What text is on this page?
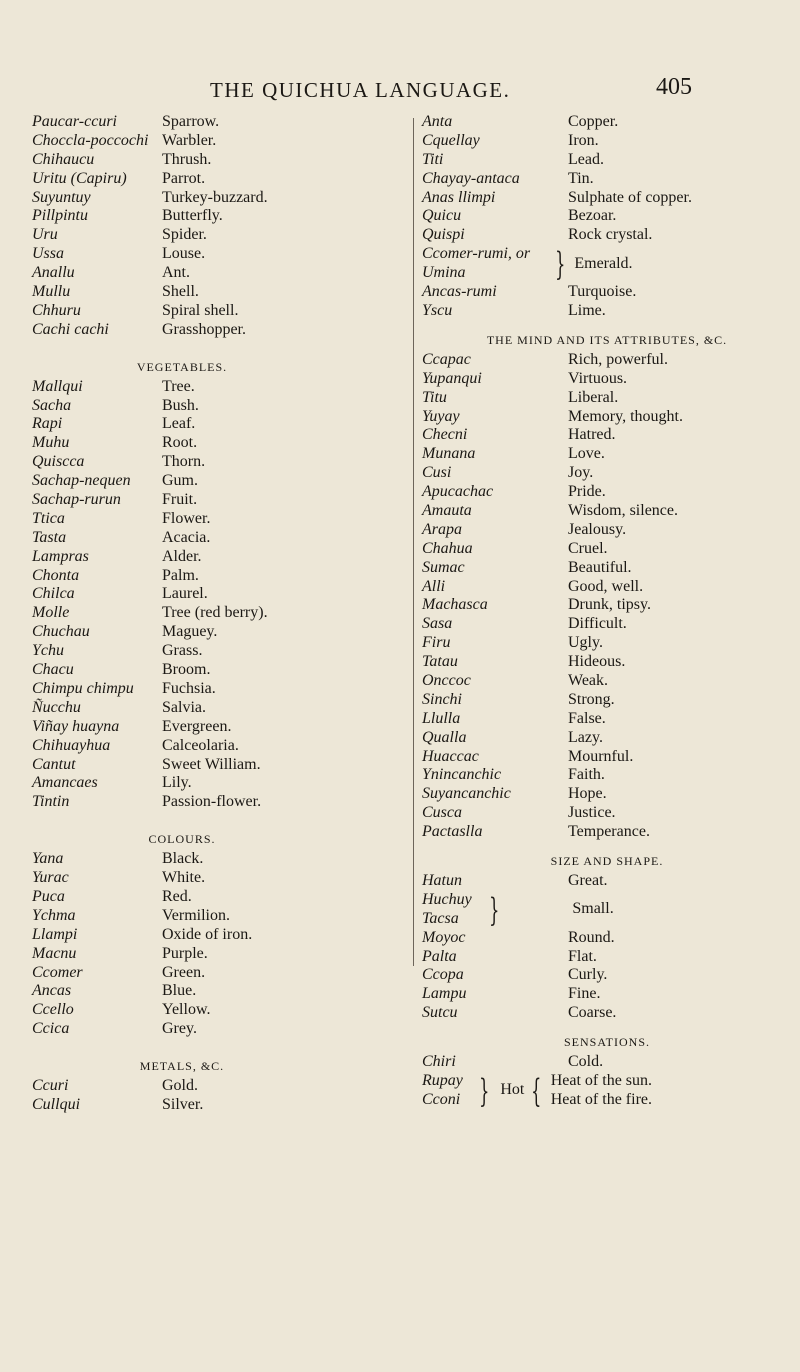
THE QUICHUA LANGUAGE.	405
Paucar-ccuri	Sparrow.
Choccla-poccochi Warbler.
Chihaucu	Thrush.
Uritu (Capiru)	Parrot.
Suyuntuy	Turkey-buzzard.
Pillpintu	Butterfly.
Uru	Spider.
Ussa	Louse.
Anallu	Ant.
Mullu	Shell.
Chhuru	Spiral shell.
Cachi cachi	Grasshopper.
VEGETABLES.
Mallqui	Tree.
Sacha	Bush.
Rapi	Leaf.
Muhu	Root.
Quiscca	Thorn.
Sachap-nequen	Gum.
Sachap-rurun	Fruit.
Ttica	Flower.
Tasta	Acacia.
Lampras	Alder.
Chonta	Palm.
Chilca	Laurel.
Molle	Tree (red berry).
Chuchau	Maguey.
Ychu	Grass.
Chacu	Broom.
Chimpu chimpu	Fuchsia.
Ñucchu	Salvia.
Viñay huayna	Evergreen.
Chihuayhua	Calceolaria.
Cantut	Sweet William.
Amancaes	Lily.
Tintin	Passion-flower.
COLOURS.
Yana	Black.
Yurac	White.
Puca	Red.
Ychma	Vermilion.
Llampi	Oxide of iron.
Macnu	Purple.
Ccomer	Green.
Ancas	Blue.
Ccello	Yellow.
Ccica	Grey.
METALS, &C.
Ccuri	Gold.
Cullqui	Silver.
Anta	Copper.
Cquellay	Iron.
Titi	Lead.
Chayay-antaca	Tin.
Anas llimpi	Sulphate of copper.
Quicu	Bezoar.
Quispi	Rock crystal.
Ccomer-rumi, or
Umina	} Emerald.
Ancas-rumi	Turquoise.
Yscu	Lime.
THE MIND AND ITS ATTRIBUTES, &C.
Ccapac	Rich, powerful.
Yupanqui	Virtuous.
Titu	Liberal.
Yuyay	Memory, thought.
Checni	Hatred.
Munana	Love.
Cusi	Joy.
Apucachac	Pride.
Amauta	Wisdom, silence.
Arapa	Jealousy.
Chahua	Cruel.
Sumac	Beautiful.
Alli	Good, well.
Machasca	Drunk, tipsy.
Sasa	Difficult.
Firu	Ugly.
Tatau	Hideous.
Onccoc	Weak.
Sinchi	Strong.
Llulla	False.
Qualla	Lazy.
Huaccac	Mournful.
Ynincanchic	Faith.
Suyancanchic	Hope.
Cusca	Justice.
Pactaslla	Temperance.
SIZE AND SHAPE.
Hatun	Great.
Huchuy
Tacsa }	Small.
Moyoc	Round.
Palta	Flat.
Ccopa	Curly.
Lampu	Fine.
Sutcu	Coarse.
SENSATIONS.
Chiri	Cold.
Rupay
Cconi } Hot { Heat of the sun.
Heat of the fire.
